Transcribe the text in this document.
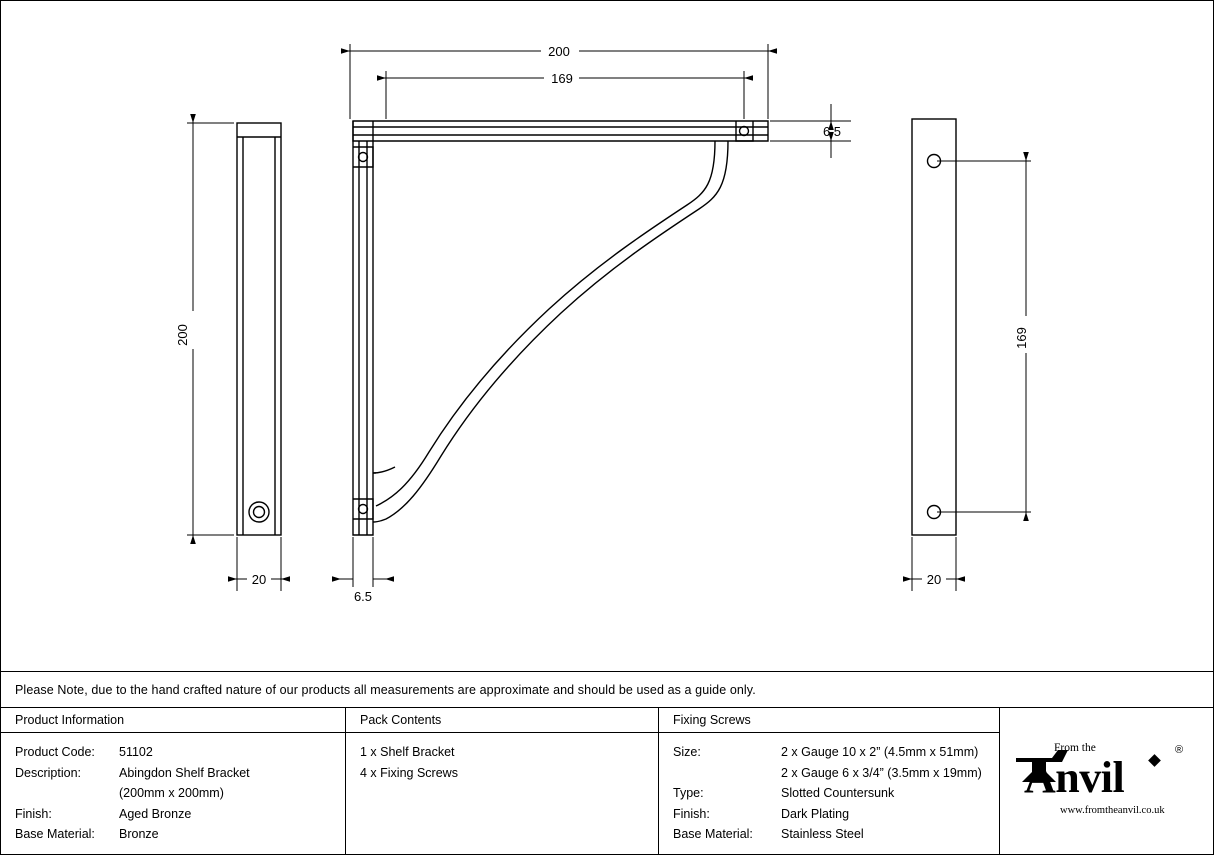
200
169
200
20
6.5
6.5
169
20
Please Note, due to the hand crafted nature of our products all measurements are approximate and should be used as a guide only.
Product Information
Product Code:	51102
Description:	Abingdon Shelf Bracket
(200mm x 200mm)
Finish:	Aged Bronze
Base Material:	Bronze
Pack Contents
1 x Shelf Bracket
4 x Fixing Screws
Fixing Screws
Size:	2 x Gauge 10 x 2” (4.5mm x 51mm)
2 x Gauge 6 x 3/4” (3.5mm x 19mm)
Type:	Slotted Countersunk
Finish:	Dark Plating
Base Material:	Stainless Steel
From the
Anvil
®
www.fromtheanvil.co.uk
